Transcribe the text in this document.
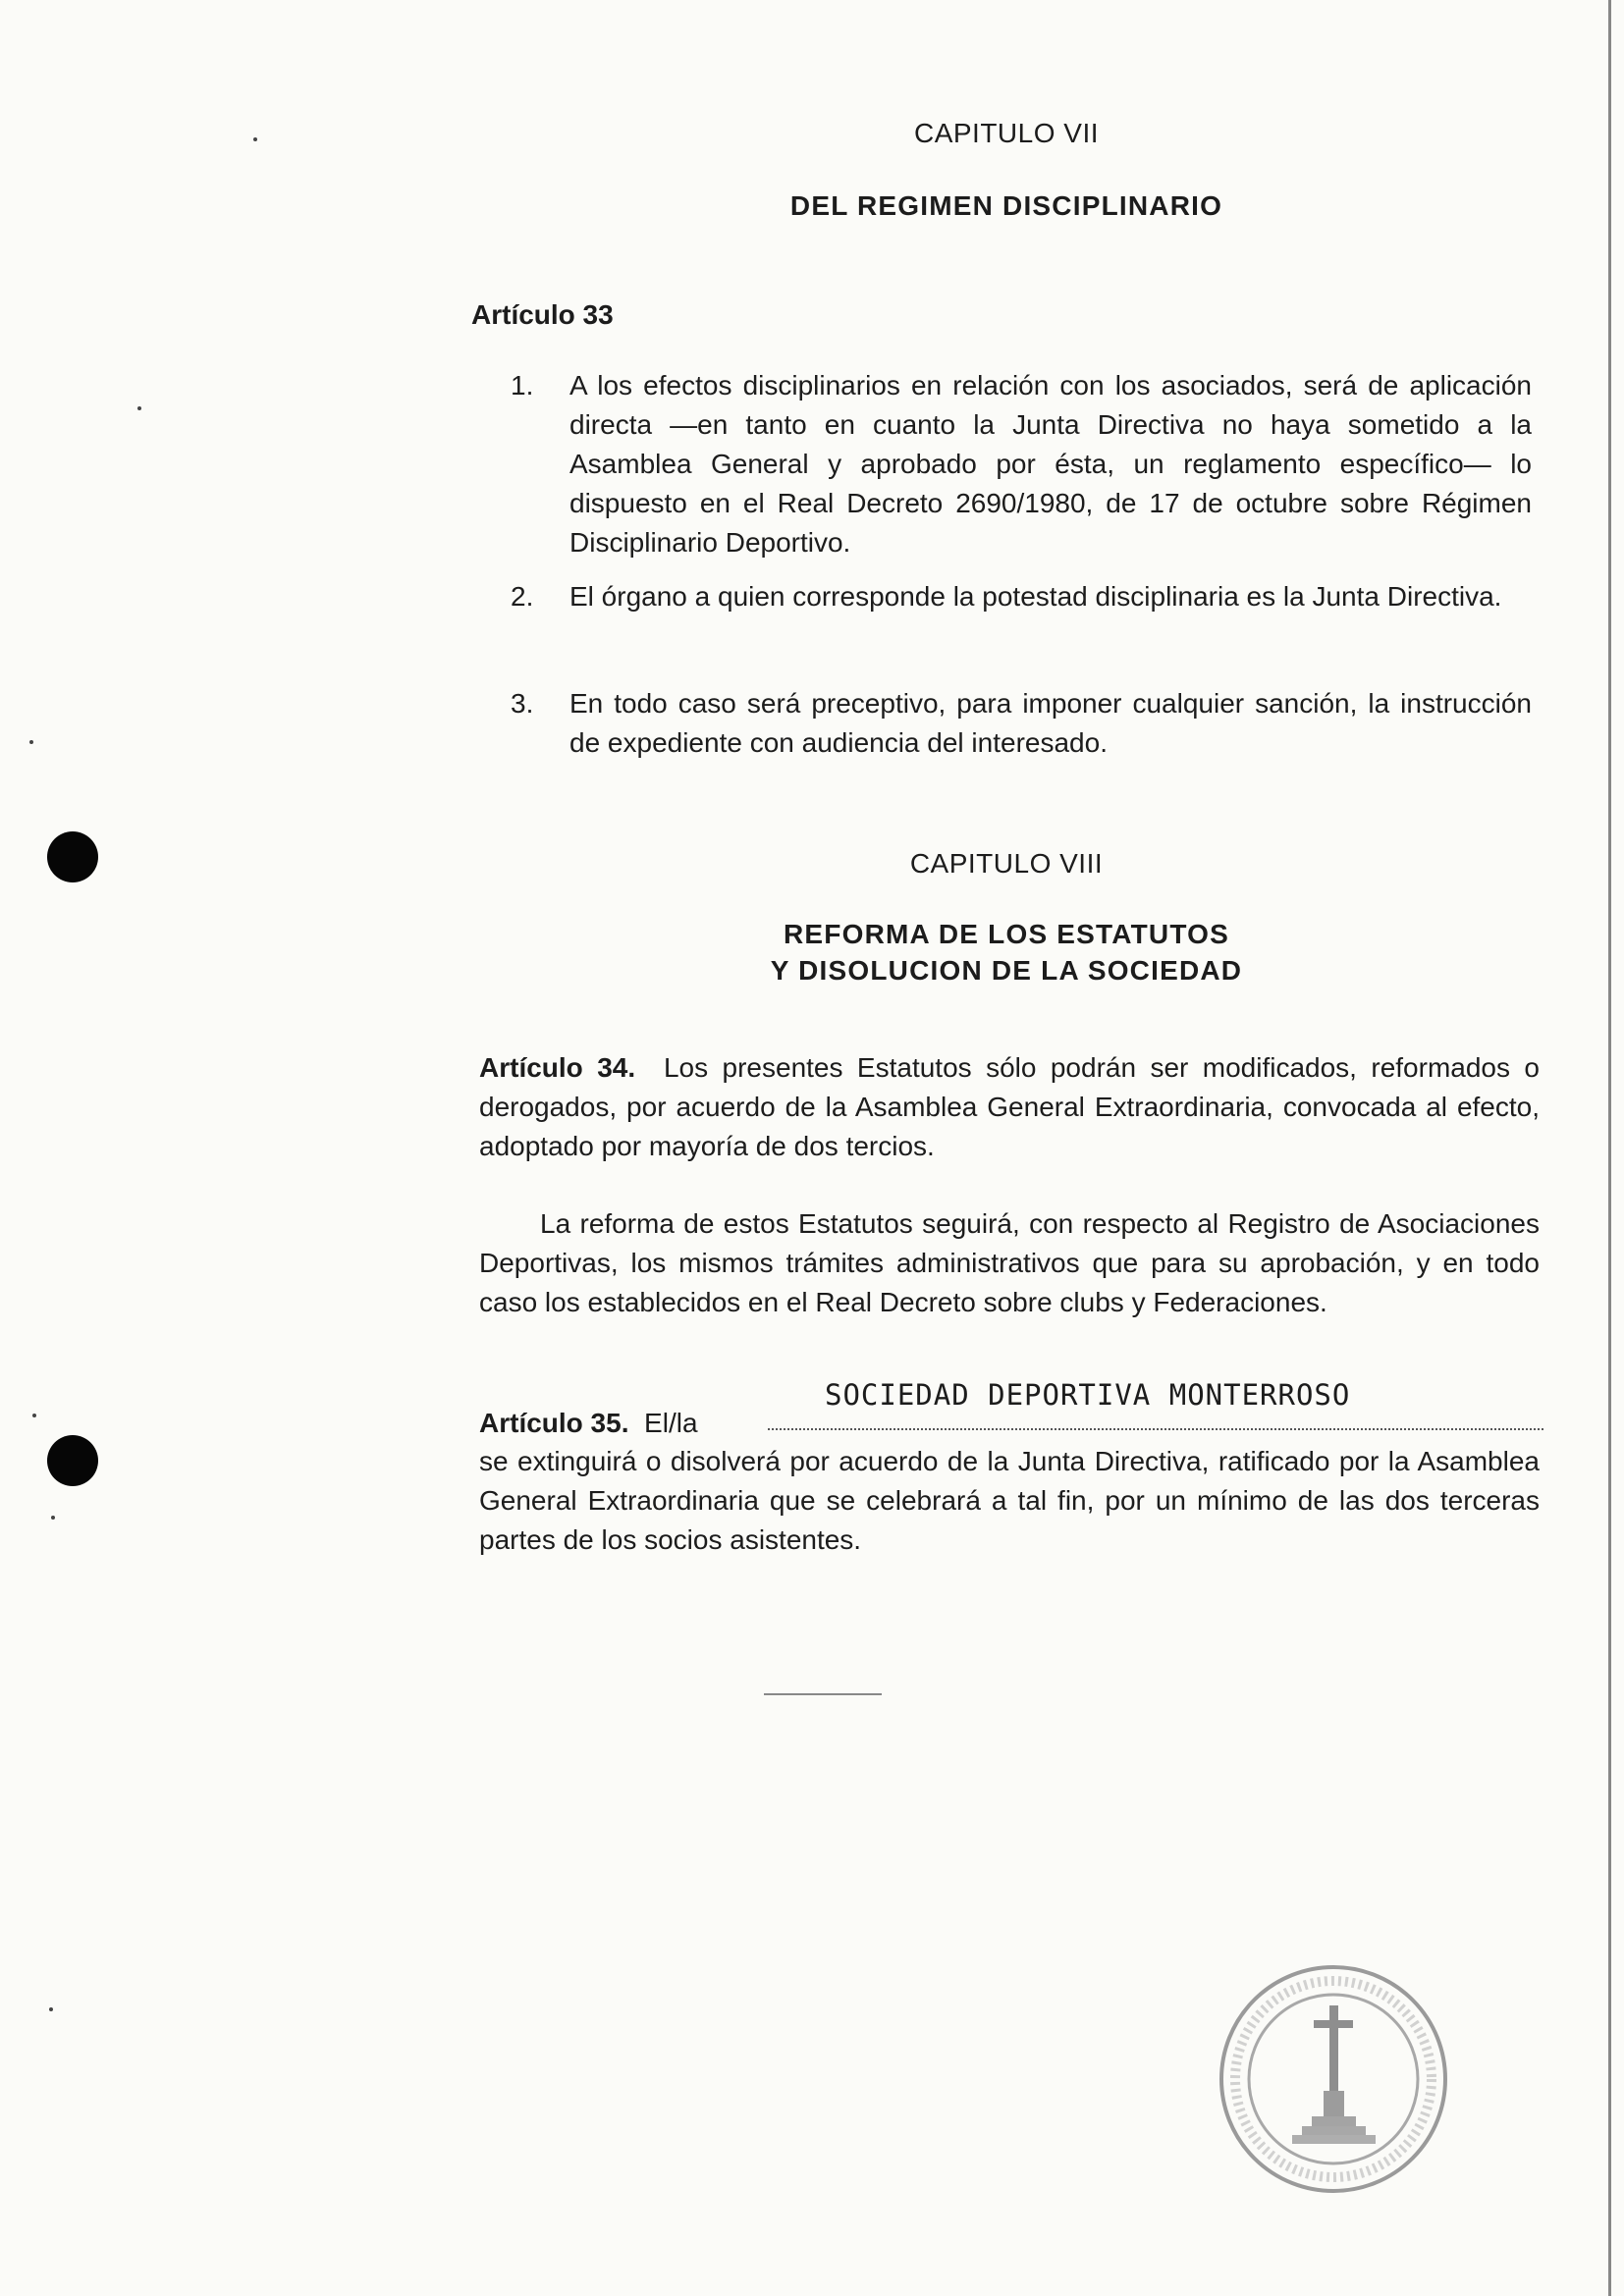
CAPITULO VII
DEL REGIMEN DISCIPLINARIO
Artículo 33
1. A los efectos disciplinarios en relación con los asociados, será de aplicación directa —en tanto en cuanto la Junta Directiva no haya sometido a la Asamblea General y aprobado por ésta, un reglamento específico— lo dispuesto en el Real Decreto 2690/1980, de 17 de octubre sobre Régimen Disciplinario Deportivo.
2. El órgano a quien corresponde la potestad disciplinaria es la Junta Directiva.
3. En todo caso será preceptivo, para imponer cualquier sanción, la instrucción de expediente con audiencia del interesado.
CAPITULO VIII
REFORMA DE LOS ESTATUTOS
Y DISOLUCION DE LA SOCIEDAD
Artículo 34. Los presentes Estatutos sólo podrán ser modificados, reformados o derogados, por acuerdo de la Asamblea General Extraordinaria, convocada al efecto, adoptado por mayoría de dos tercios.
La reforma de estos Estatutos seguirá, con respecto al Registro de Asociaciones Deportivas, los mismos trámites administrativos que para su aprobación, y en todo caso los establecidos en el Real Decreto sobre clubs y Federaciones.
SOCIEDAD DEPORTIVA MONTERROSO
Artículo 35. El/la
se extinguirá o disolverá por acuerdo de la Junta Directiva, ratificado por la Asamblea General Extraordinaria que se celebrará a tal fin, por un mínimo de las dos terceras partes de los socios asistentes.
